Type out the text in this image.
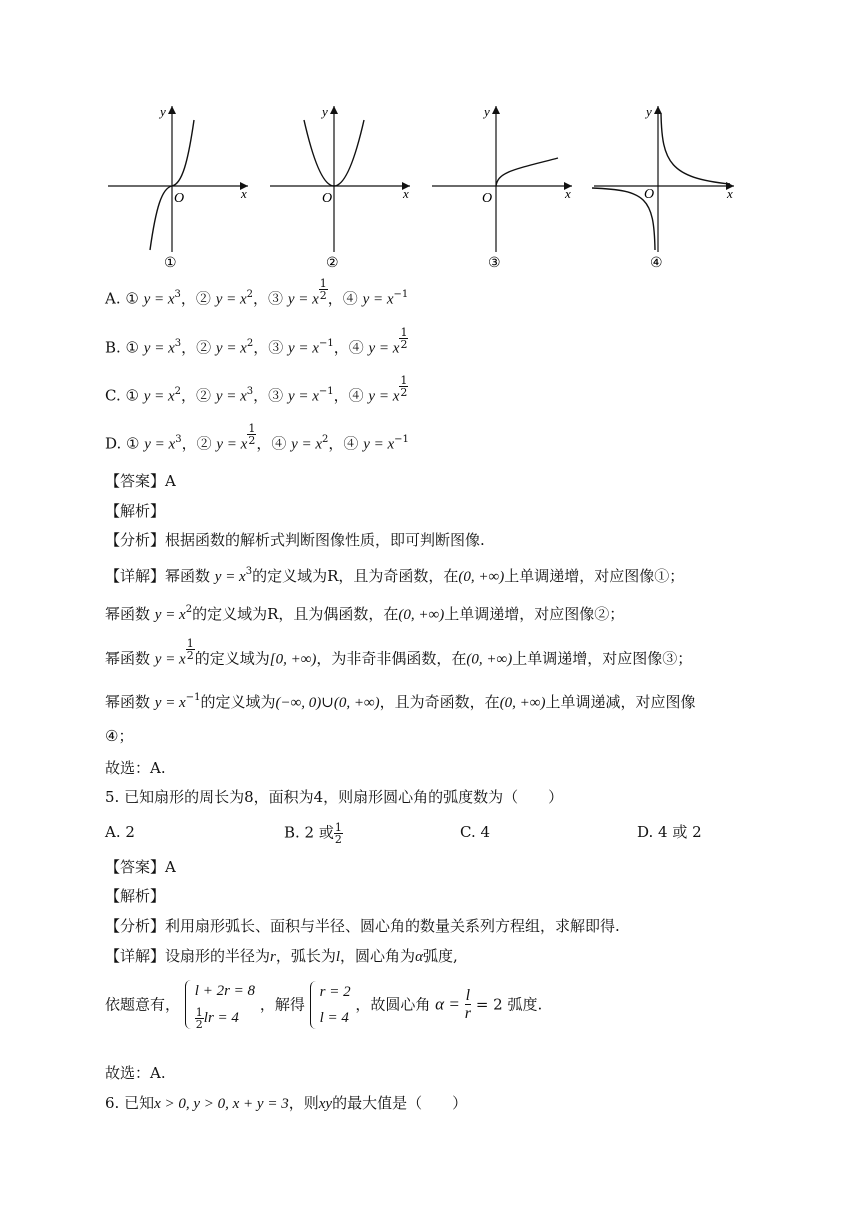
O	x
y
①
O	x
y
②
O	x
y
③
O	x
y
④
A. ① $y = x^3$，② $y = x^2$，③ y = x $\frac{1}{2}$ ，④ $y = x^{-1}$
B. ① $y = x^3$，② $y = x^2$，③ $y = x^{-1}$，④ y = x $\frac{1}{2}$
C. ① $y = x^2$，② $y = x^3$，③ $y = x^{-1}$，④ y = x $\frac{1}{2}$
D. ① $y = x^3$，② y = x $\frac{1}{2}$ ，④ $y = x^2$，④ $y = x^{-1}$
【答案】A
【解析】
【分析】根据函数的解析式判断图像性质，即可判断图像.
【详解】幂函数 $y = x^3$的定义域为R，且为奇函数，在(0, +∞)上单调递增，对应图像①；
幂函数 $y = x^2$的定义域为R，且为偶函数，在(0, +∞)上单调递增，对应图像②；
幂函数 y = x $\frac{1}{2}$ 的定义域为[0, +∞)，为非奇非偶函数，在(0, +∞)上单调递增，对应图像③；
幂函数 $y = x^{-1}$的定义域为(−∞, 0)∪(0, +∞)，且为奇函数，在(0, +∞)上单调递减，对应图像
④；
故选：A.
5. 已知扇形的周长为8，面积为4，则扇形圆心角的弧度数为（　　）
A. 2	B. 2 或 $\frac{1}{2}$	C. 4	D. 4 或 2
【答案】A
【解析】
【分析】利用扇形弧长、面积与半径、圆心角的数量关系列方程组，求解即得.
【详解】设扇形的半径为r，弧长为l，圆心角为α弧度,
依题意有，
l + 2r = 8
$\frac{1}{2}$ lr = 4
，解得
r = 2
l = 4
，故圆心角 $\alpha = \frac{l}{r} = 2$ 弧度.
故选：A.
6. 已知x > 0, y > 0, x + y = 3，则xy的最大值是（　　）
